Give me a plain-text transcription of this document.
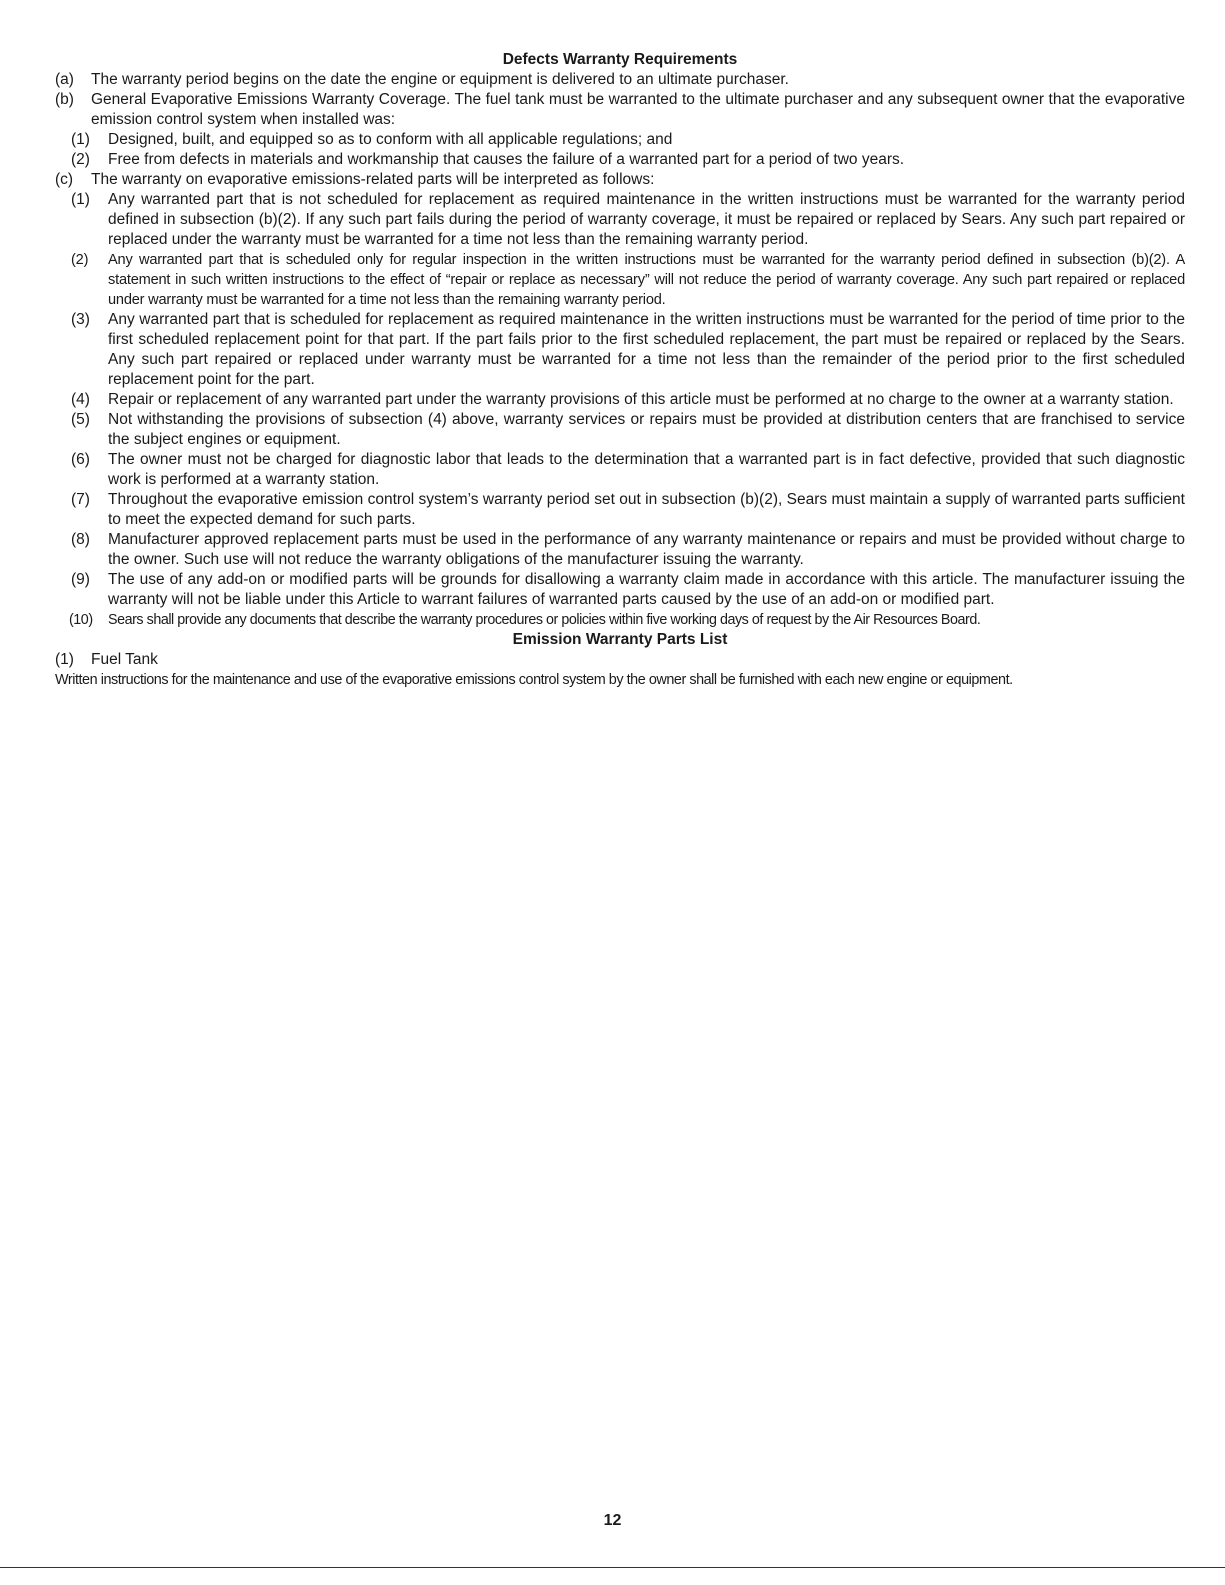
Defects Warranty Requirements
(a) The warranty period begins on the date the engine or equipment is delivered to an ultimate purchaser.
(b) General Evaporative Emissions Warranty Coverage. The fuel tank must be warranted to the ultimate purchaser and any subsequent owner that the evaporative emission control system when installed was:
(1) Designed, built, and equipped so as to conform with all applicable regulations; and
(2) Free from defects in materials and workmanship that causes the failure of a warranted part for a period of two years.
(c) The warranty on evaporative emissions-related parts will be interpreted as follows:
(1) Any warranted part that is not scheduled for replacement as required maintenance in the written instructions must be warranted for the warranty period defined in subsection (b)(2). If any such part fails during the period of warranty coverage, it must be repaired or replaced by Sears. Any such part repaired or replaced under the warranty must be warranted for a time not less than the remaining warranty period.
(2) Any warranted part that is scheduled only for regular inspection in the written instructions must be warranted for the warranty period defined in subsection (b)(2). A statement in such written instructions to the effect of “repair or replace as necessary” will not reduce the period of warranty coverage. Any such part repaired or replaced under warranty must be warranted for a time not less than the remaining warranty period.
(3) Any warranted part that is scheduled for replacement as required maintenance in the written instructions must be warranted for the period of time prior to the first scheduled replacement point for that part. If the part fails prior to the first scheduled replacement, the part must be repaired or replaced by the Sears. Any such part repaired or replaced under warranty must be warranted for a time not less than the remainder of the period prior to the first scheduled replacement point for the part.
(4) Repair or replacement of any warranted part under the warranty provisions of this article must be performed at no charge to the owner at a warranty station.
(5) Not withstanding the provisions of subsection (4) above, warranty services or repairs must be provided at distribution centers that are franchised to service the subject engines or equipment.
(6) The owner must not be charged for diagnostic labor that leads to the determination that a warranted part is in fact defective, provided that such diagnostic work is performed at a warranty station.
(7) Throughout the evaporative emission control system’s warranty period set out in subsection (b)(2), Sears must maintain a supply of warranted parts sufficient to meet the expected demand for such parts.
(8) Manufacturer approved replacement parts must be used in the performance of any warranty maintenance or repairs and must be provided without charge to the owner. Such use will not reduce the warranty obligations of the manufacturer issuing the warranty.
(9) The use of any add-on or modified parts will be grounds for disallowing a warranty claim made in accordance with this article. The manufacturer issuing the warranty will not be liable under this Article to warrant failures of warranted parts caused by the use of an add-on or modified part.
(10) Sears shall provide any documents that describe the warranty procedures or policies within five working days of request by the Air Resources Board.
Emission Warranty Parts List
(1) Fuel Tank
Written instructions for the maintenance and use of the evaporative emissions control system by the owner shall be furnished with each new engine or equipment.
12
